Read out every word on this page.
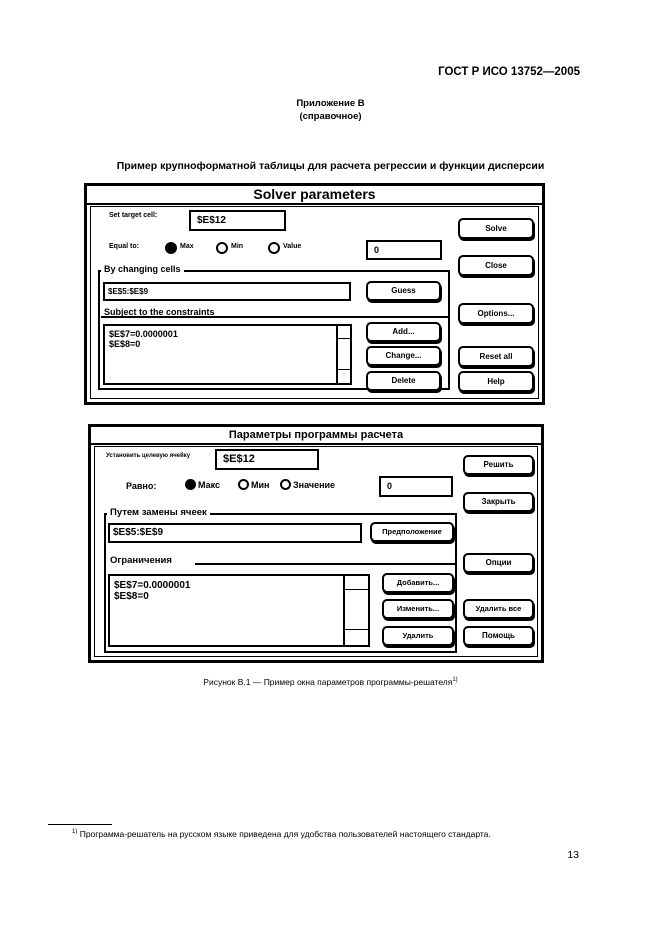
ГОСТ Р ИСО 13752—2005
Приложение В
(справочное)
Пример крупноформатной таблицы для расчета регрессии и функции дисперсии
Solver parameters
Set target cell:	$E$12
Equal to:	Max	Min	Value	0
By changing cells
$E$5:$E$9
Subject to the constraints
$E$7=0.0000001
$E$8=0
Guess
Add...
Change...
Delete
Solve
Close
Options...
Reset all
Help
Параметры программы расчета
Установить целевую ячейку	$E$12
Равно:	Макс	Мин	Значение	0
Путем замены ячеек
$E$5:$E$9
Ограничения
$E$7=0.0000001
$E$8=0
Предположение
Добавить...
Изменить...
Удалить
Решить
Закрыть
Опции
Удалить все
Помощь
Рисунок В.1 — Пример окна параметров программы-решателя$^{1)}$
$^{1)}$ Программа-решатель на русском языке приведена для удобства пользователей настоящего стандарта.
13
